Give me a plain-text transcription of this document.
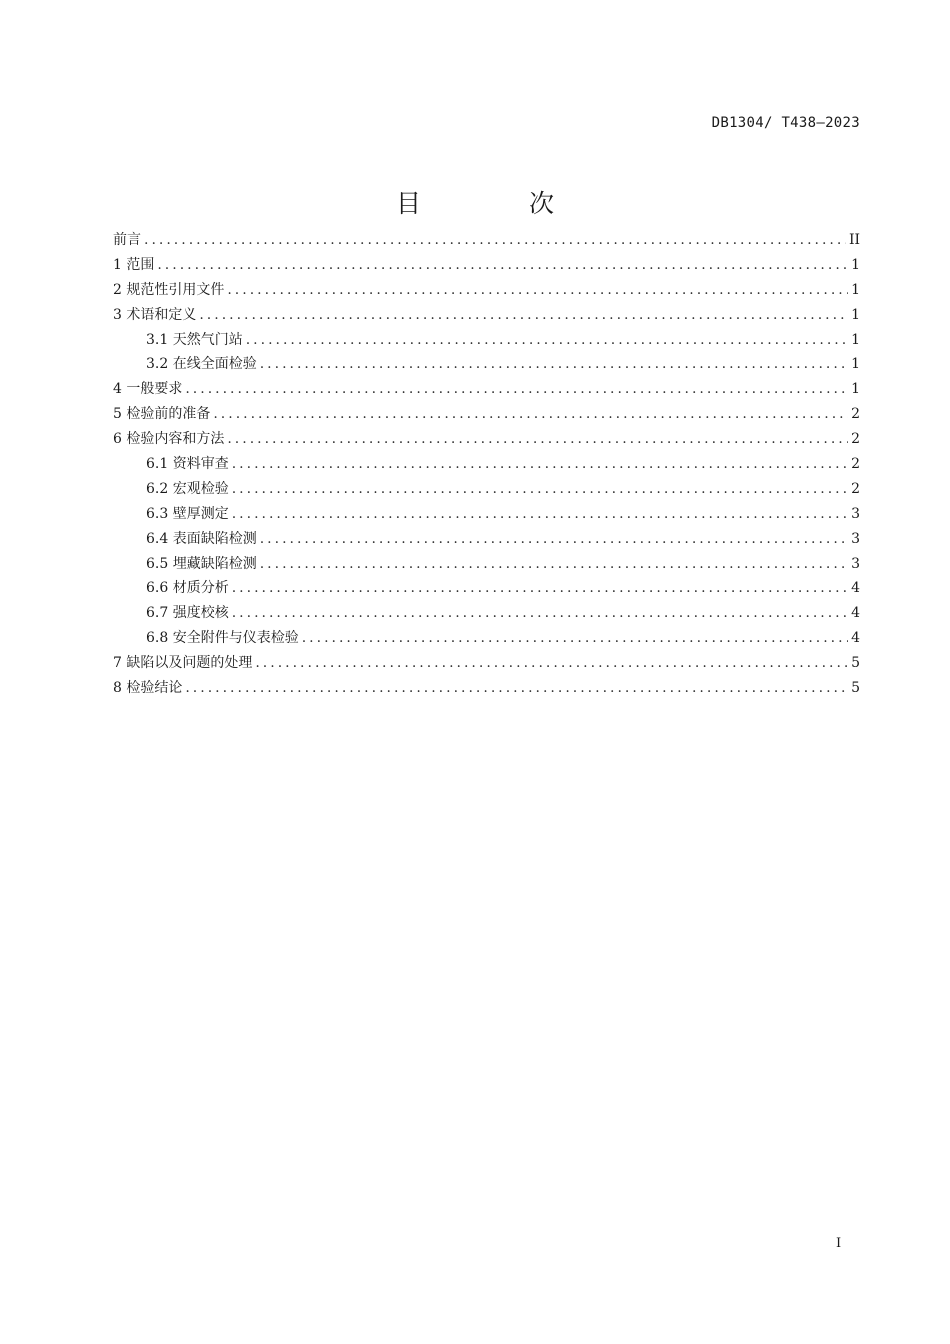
DB1304/ T438—2023
目 次
前言 .....	II
1 范围 .....	1
2 规范性引用文件 .....	1
3 术语和定义 .....	1
3.1 天然气门站 .....	1
3.2 在线全面检验 .....	1
4 一般要求 .....	1
5 检验前的准备 .....	2
6 检验内容和方法 .....	2
6.1 资料审查 .....	2
6.2 宏观检验 .....	2
6.3 壁厚测定 .....	3
6.4 表面缺陷检测 .....	3
6.5 埋藏缺陷检测 .....	3
6.6 材质分析 .....	4
6.7 强度校核 .....	4
6.8 安全附件与仪表检验 .....	4
7 缺陷以及问题的处理 .....	5
8 检验结论 .....	5
I
